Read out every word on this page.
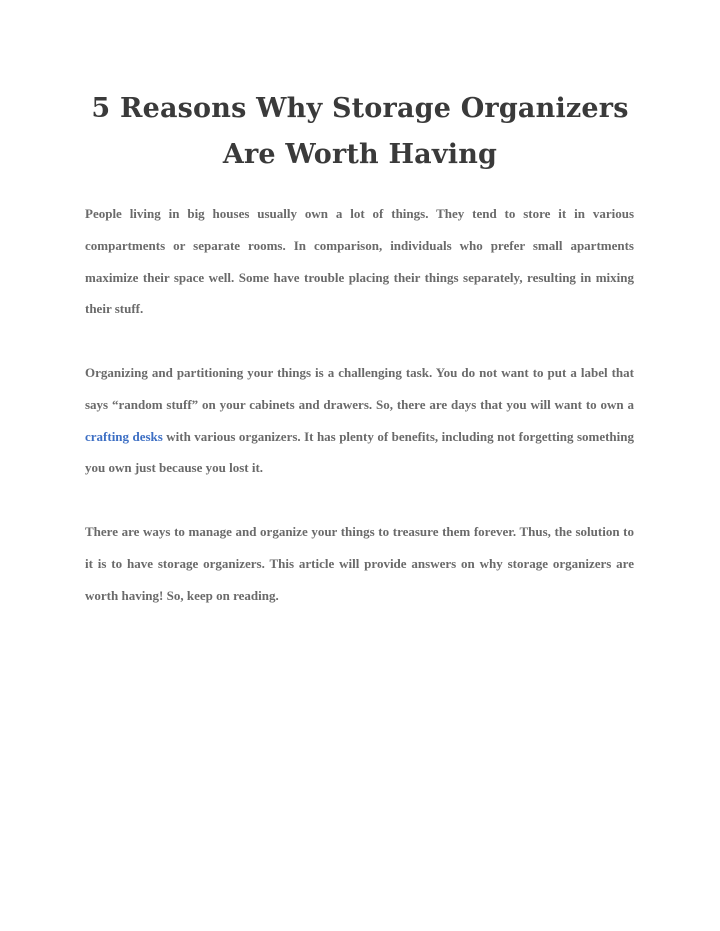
5 Reasons Why Storage Organizers Are Worth Having

People living in big houses usually own a lot of things. They tend to store it in various compartments or separate rooms. In comparison, individuals who prefer small apartments maximize their space well. Some have trouble placing their things separately, resulting in mixing their stuff.

Organizing and partitioning your things is a challenging task. You do not want to put a label that says “random stuff” on your cabinets and drawers. So, there are days that you will want to own a crafting desks with various organizers. It has plenty of benefits, including not forgetting something you own just because you lost it.

There are ways to manage and organize your things to treasure them forever. Thus, the solution to it is to have storage organizers. This article will provide answers on why storage organizers are worth having! So, keep on reading.
